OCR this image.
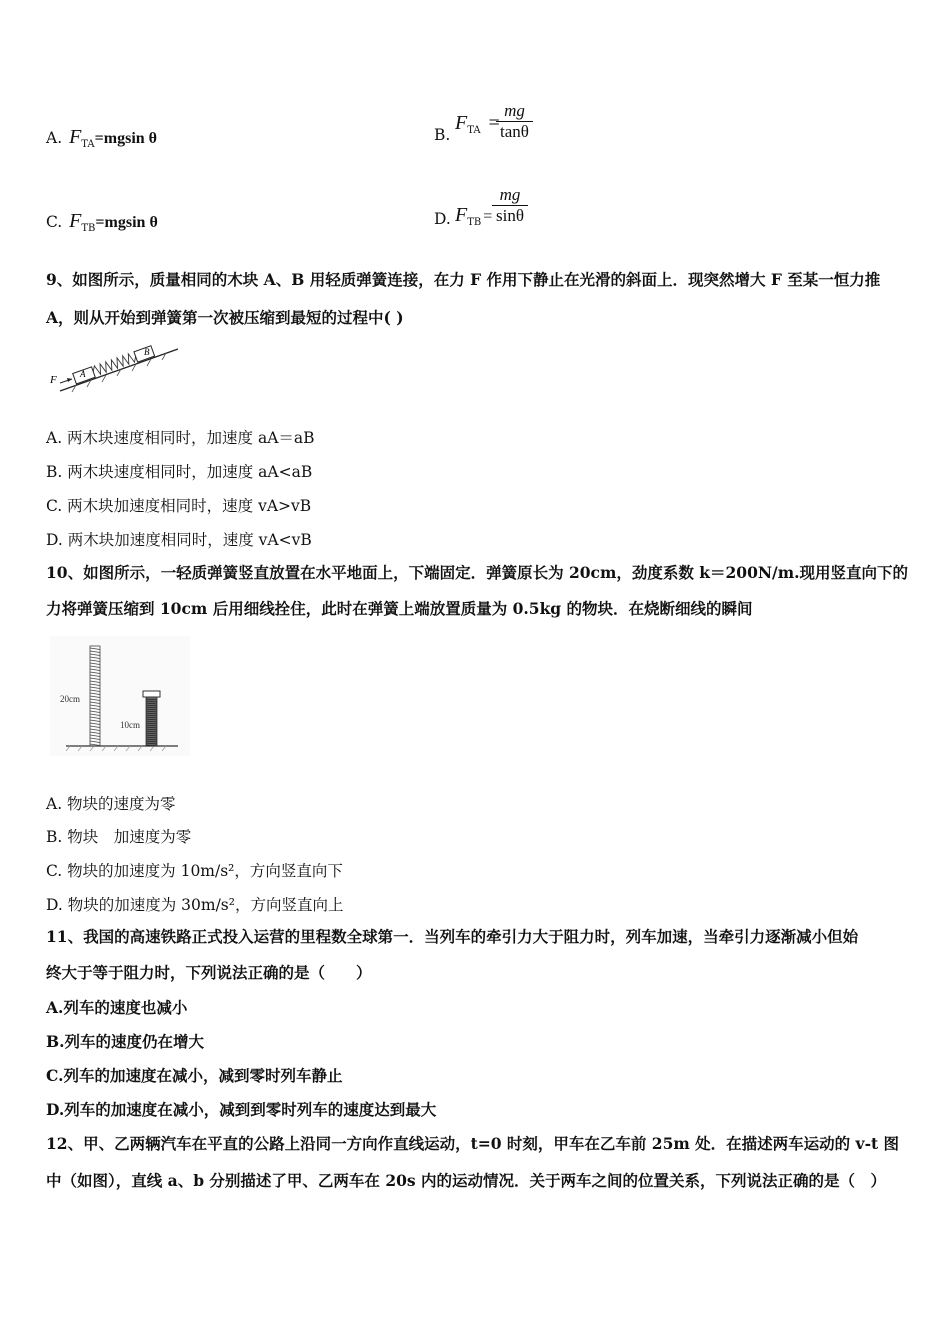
A. $F_{TA}=mgsin$ θ	B.
$F_{TA}$ =
mg
tanθ
C. $F_{TB}=mgsin$ θ	D. $F_{TB}$ =
mg
sinθ
9、如图所示，质量相同的木块 A、B 用轻质弹簧连接，在力 F 作用下静止在光滑的斜面上．现突然增大 F 至某一恒力推
A，则从开始到弹簧第一次被压缩到最短的过程中( )
F	A
B
A. 两木块速度相同时，加速度 aA＝aB
B. 两木块速度相同时，加速度 aA<aB
C. 两木块加速度相同时，速度 vA>vB
D. 两木块加速度相同时，速度 vA<vB
10、如图所示，一轻质弹簧竖直放置在水平地面上，下端固定．弹簧原长为 20cm，劲度系数 k＝200N/m.现用竖直向下的
力将弹簧压缩到 10cm 后用细线拴住，此时在弹簧上端放置质量为 0.5kg 的物块．在烧断细线的瞬间
20cm
10cm
A. 物块的速度为零
B. 物块　加速度为零
C. 物块的加速度为 10m/s²，方向竖直向下
D. 物块的加速度为 30m/s²，方向竖直向上
11、我国的高速铁路正式投入运营的里程数全球第一．当列车的牵引力大于阻力时，列车加速，当牵引力逐渐减小但始
终大于等于阻力时，下列说法正确的是（　　）
A.列车的速度也减小
B.列车的速度仍在增大
C.列车的加速度在减小，减到零时列车静止
D.列车的加速度在减小，减到到零时列车的速度达到最大
12、甲、乙两辆汽车在平直的公路上沿同一方向作直线运动，t=0 时刻，甲车在乙车前 25m 处．在描述两车运动的 v-t 图
中（如图），直线 a、b 分别描述了甲、乙两车在 20s 内的运动情况．关于两车之间的位置关系，下列说法正确的是（　）
